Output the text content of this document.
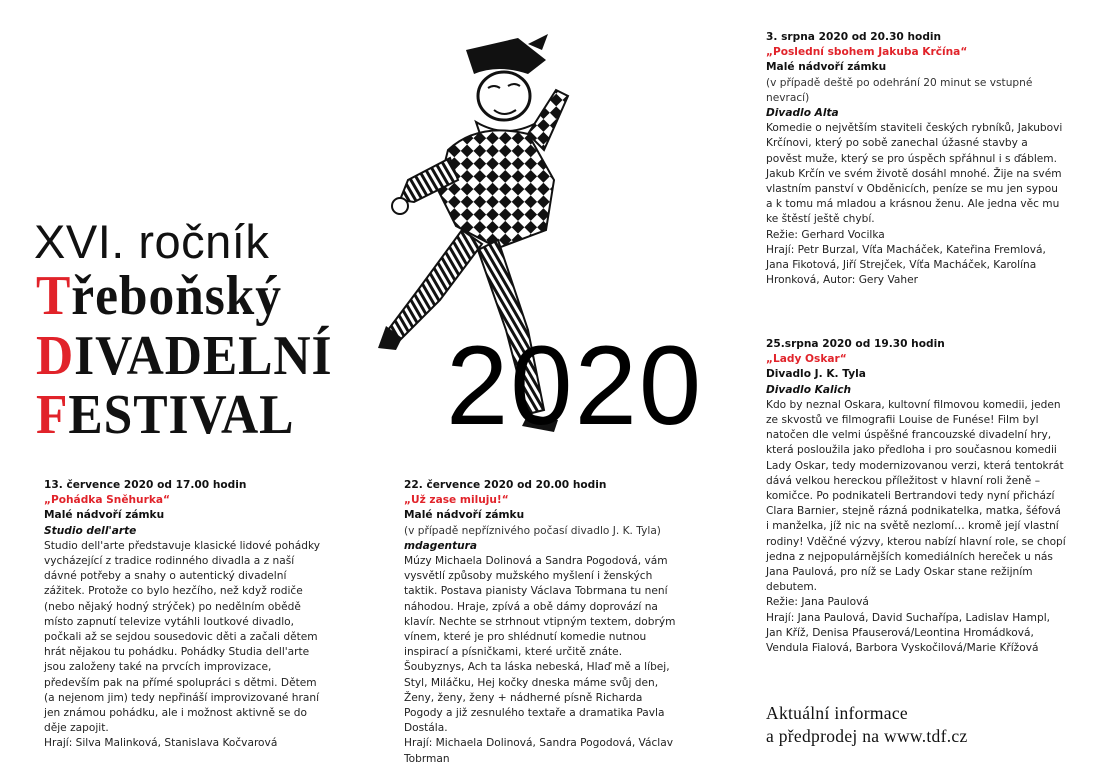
XVI. ročník
Třeboňský
DIVADELNÍ
FESTIVAL 2020

13. července 2020 od 17.00 hodin

„Pohádka Sněhurka“

Malé nádvoří zámku

Studio dell'arte

Studio dell'arte představuje klasické lidové pohádky vycházející z tradice rodinného divadla a z naší dávné potřeby a snahy o autentický divadelní zážitek. Protože co bylo hezčího, než když rodiče (nebo nějaký hodný strýček) po nedělním obědě místo zapnutí televize vytáhli loutkové divadlo, počkali až se sejdou sousedovic děti a začali dětem hrát nějakou tu pohádku. Pohádky Studia dell'arte jsou založeny také na prvcích improvizace, především pak na přímé spolupráci s dětmi. Dětem (a nejenom jim) tedy nepřináší improvizované hraní jen známou pohádku, ale i možnost aktivně se do děje zapojit.

Hrají: Silva Malinková, Stanislava Kočvarová

22. července 2020 od 20.00 hodin

„Už zase miluju!“

Malé nádvoří zámku

(v případě nepříznivého počasí divadlo J. K. Tyla)

mdagentura

Múzy Michaela Dolinová a Sandra Pogodová, vám vysvětlí způsoby mužského myšlení i ženských taktik. Postava pianisty Václava Tobrmana tu není náhodou. Hraje, zpívá a obě dámy doprovází na klavír. Nechte se strhnout vtipným textem, dobrým vínem, které je pro shlédnutí komedie nutnou inspirací a písničkami, které určitě znáte. Šoubyznys, Ach ta láska nebeská, Hlaď mě a líbej, Styl, Miláčku, Hej kočky dneska máme svůj den, Ženy, ženy, ženy + nádherné písně Richarda Pogody a již zesnulého textaře a dramatika Pavla Dostála.

Hrají: Michaela Dolinová, Sandra Pogodová, Václav Tobrman

3. srpna 2020 od 20.30 hodin

„Poslední sbohem Jakuba Krčína“

Malé nádvoří zámku

(v případě deště po odehrání 20 minut se vstupné nevrací)

Divadlo Alta

Komedie o největším staviteli českých rybníků, Jakubovi Krčínovi, který po sobě zanechal úžasné stavby a pověst muže, který se pro úspěch spřáhnul i s ďáblem. Jakub Krčín ve svém životě dosáhl mnohé. Žije na svém vlastním panství v Obděnicích, peníze se mu jen sypou a k tomu má mladou a krásnou ženu. Ale jedna věc mu ke štěstí ještě chybí.

Režie: Gerhard Vocilka

Hrají: Petr Burzal, Víťa Macháček, Kateřina Fremlová, Jana Fikotová, Jiří Strejček, Víťa Macháček, Karolína Hronková, Autor: Gery Vaher

25.srpna 2020 od 19.30 hodin

„Lady Oskar“

Divadlo J. K. Tyla

Divadlo Kalich

Kdo by neznal Oskara, kultovní filmovou komedii, jeden ze skvostů ve filmografii Louise de Funése! Film byl natočen dle velmi úspěšné francouzské divadelní hry, která posloužila jako předloha i pro současnou komedii Lady Oskar, tedy modernizovanou verzi, která tentokrát dává velkou hereckou příležitost v hlavní roli ženě – komičce. Po podnikateli Bertrandovi tedy nyní přichází Clara Barnier, stejně rázná podnikatelka, matka, šéfová i manželka, jíž nic na světě nezlomí… kromě její vlastní rodiny! Vděčné výzvy, kterou nabízí hlavní role, se chopí jedna z nejpopulárnějších komediálních hereček u nás Jana Paulová, pro níž se Lady Oskar stane režijním debutem.

Režie: Jana Paulová

Hrají: Jana Paulová, David Suchařípa, Ladislav Hampl, Jan Kříž, Denisa Pfauserová/Leontina Hromádková, Vendula Fialová, Barbora Vyskočilová/Marie Křížová

Aktuální informace
a předprodej na www.tdf.cz
